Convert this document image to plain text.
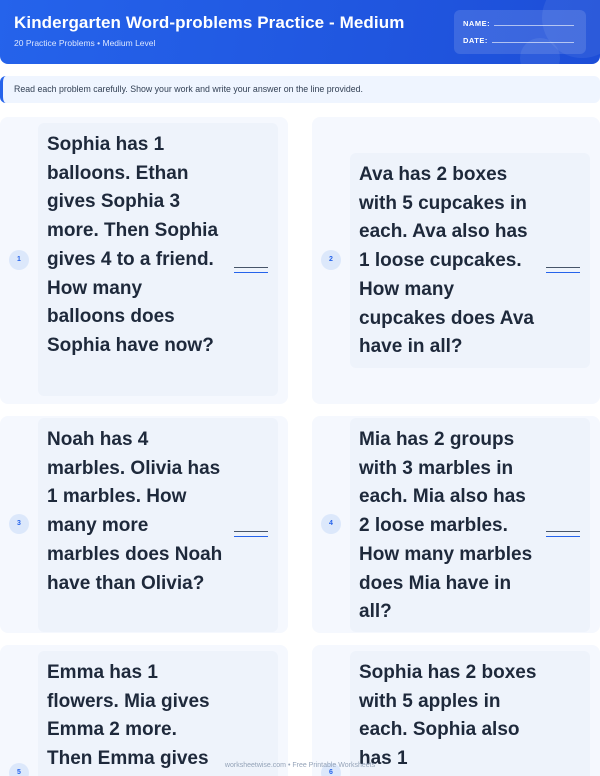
Kindergarten Word-problems Practice - Medium
20 Practice Problems • Medium Level
NAME:
DATE:
Read each problem carefully. Show your work and write your answer on the line provided.
1
Sophia has 1 balloons. Ethan gives Sophia 3 more. Then Sophia gives 4 to a friend. How many balloons does Sophia have now?
2
Ava has 2 boxes with 5 cupcakes in each. Ava also has 1 loose cupcakes. How many cupcakes does Ava have in all?
3
Noah has 4 marbles. Olivia has 1 marbles. How many more marbles does Noah have than Olivia?
4
Mia has 2 groups with 3 marbles in each. Mia also has 2 loose marbles. How many marbles does Mia have in all?
5
Emma has 1 flowers. Mia gives Emma 2 more. Then Emma gives
6
Sophia has 2 boxes with 5 apples in each. Sophia also has 1
worksheetwise.com • Free Printable Worksheets
